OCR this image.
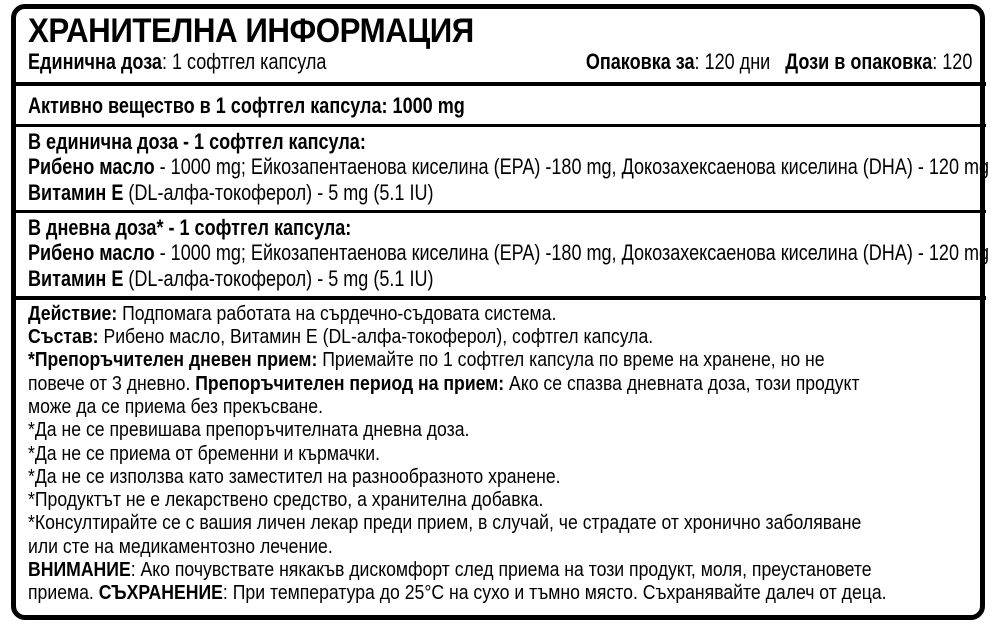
ХРАНИТЕЛНА ИНФОРМАЦИЯ
Единична доза: 1 софтгел капсула	Опаковка за: 120 дни Дози в опаковка: 120
Активно вещество в 1 софтгел капсула: 1000 mg
В единична доза - 1 софтгел капсула:
Рибено масло - 1000 mg; Ейкозапентаенова киселина (EPA) -180 mg, Докозахексаенова киселина (DHA) - 120 mg
Витамин Е (DL-алфа-токоферол) - 5 mg (5.1 IU)
В дневна доза* - 1 софтгел капсула:
Рибено масло - 1000 mg; Ейкозапентаенова киселина (EPA) -180 mg, Докозахексаенова киселина (DHA) - 120 mg
Витамин Е (DL-алфа-токоферол) - 5 mg (5.1 IU)
Действие: Подпомага работата на сърдечно-съдовата система.
Състав: Рибено масло, Витамин Е (DL-алфа-токоферол), софтгел капсула.
*Препоръчителен дневен прием: Приемайте по 1 софтгел капсула по време на хранене, но не
повече от 3 дневно. Препоръчителен период на прием: Ако се спазва дневната доза, този продукт
може да се приема без прекъсване.
*Да не се превишава препоръчителната дневна доза.
*Да не се приема от бременни и кърмачки.
*Да не се използва като заместител на разнообразното хранене.
*Продуктът не е лекарствено средство, а хранителна добавка.
*Консултирайте се с вашия личен лекар преди прием, в случай, че страдате от хронично заболяване
или сте на медикаментозно лечение.
ВНИМАНИЕ: Ако почувствате някакъв дискомфорт след приема на този продукт, моля, преустановете
приема. СЪХРАНЕНИЕ: При температура до 25°С на сухо и тъмно място. Съхранявайте далеч от деца.
